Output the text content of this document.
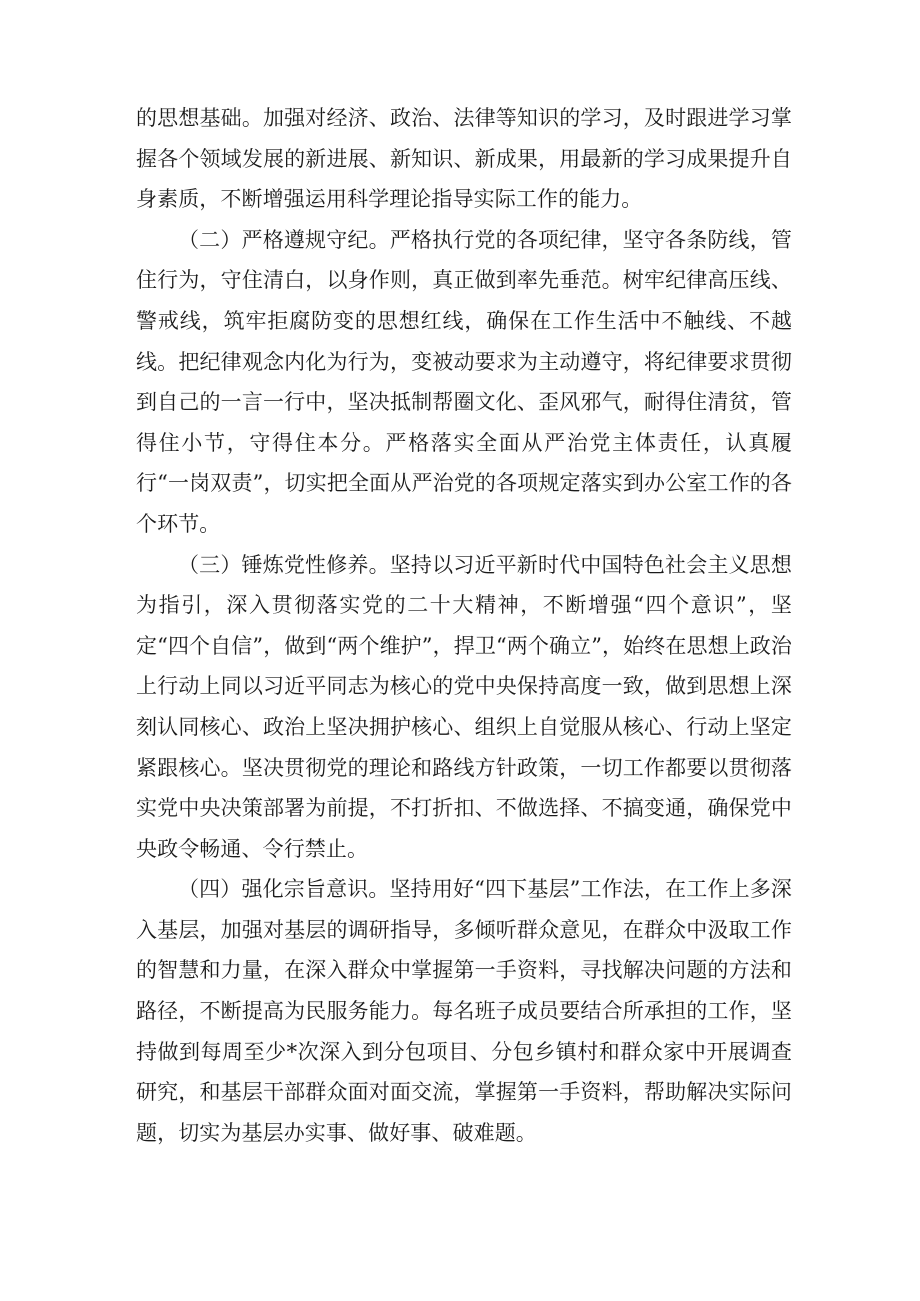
的思想基础。加强对经济、政治、法律等知识的学习，及时跟进学习掌握各个领域发展的新进展、新知识、新成果，用最新的学习成果提升自身素质，不断增强运用科学理论指导实际工作的能力。

（二）严格遵规守纪。严格执行党的各项纪律，坚守各条防线，管住行为，守住清白，以身作则，真正做到率先垂范。树牢纪律高压线、警戒线，筑牢拒腐防变的思想红线，确保在工作生活中不触线、不越线。把纪律观念内化为行为，变被动要求为主动遵守，将纪律要求贯彻到自己的一言一行中，坚决抵制帮圈文化、歪风邪气，耐得住清贫，管得住小节，守得住本分。严格落实全面从严治党主体责任，认真履行“一岗双责”，切实把全面从严治党的各项规定落实到办公室工作的各个环节。

（三）锤炼党性修养。坚持以习近平新时代中国特色社会主义思想为指引，深入贯彻落实党的二十大精神，不断增强“四个意识”，坚定“四个自信”，做到“两个维护”，捍卫“两个确立”，始终在思想上政治上行动上同以习近平同志为核心的党中央保持高度一致，做到思想上深刻认同核心、政治上坚决拥护核心、组织上自觉服从核心、行动上坚定紧跟核心。坚决贯彻党的理论和路线方针政策，一切工作都要以贯彻落实党中央决策部署为前提，不打折扣、不做选择、不搞变通，确保党中央政令畅通、令行禁止。

（四）强化宗旨意识。坚持用好“四下基层”工作法，在工作上多深入基层，加强对基层的调研指导，多倾听群众意见，在群众中汲取工作的智慧和力量，在深入群众中掌握第一手资料，寻找解决问题的方法和路径，不断提高为民服务能力。每名班子成员要结合所承担的工作，坚持做到每周至少*次深入到分包项目、分包乡镇村和群众家中开展调查研究，和基层干部群众面对面交流，掌握第一手资料，帮助解决实际问题，切实为基层办实事、做好事、破难题。
